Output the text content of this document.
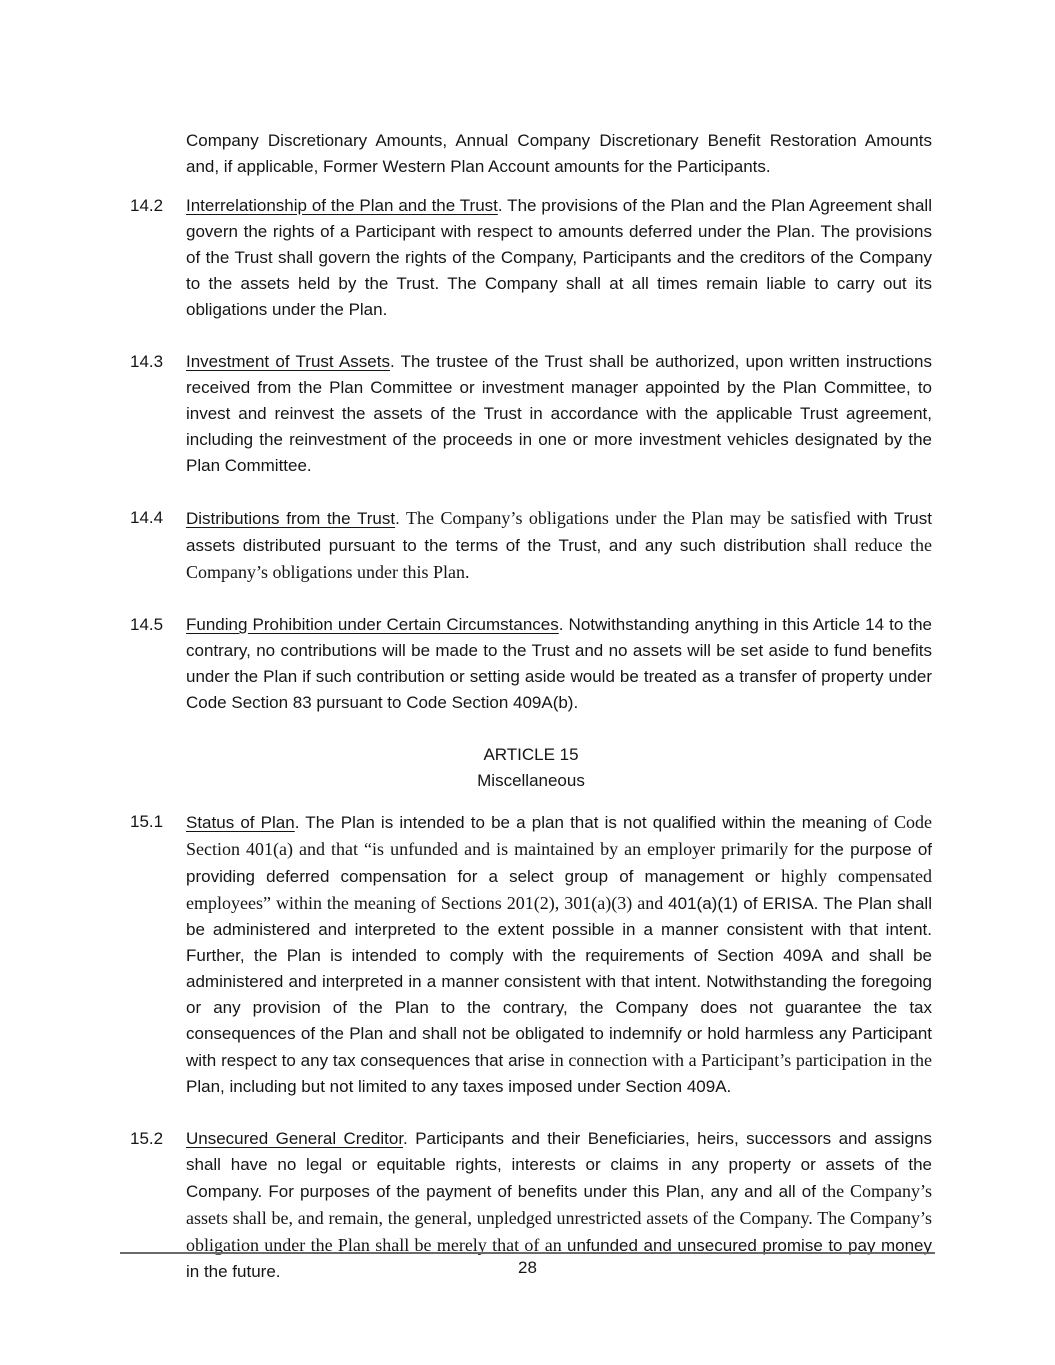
Company Discretionary Amounts, Annual Company Discretionary Benefit Restoration Amounts and, if applicable, Former Western Plan Account amounts for the Participants.

14.2	Interrelationship of the Plan and the Trust. The provisions of the Plan and the Plan Agreement shall govern the rights of a Participant with respect to amounts deferred under the Plan. The provisions of the Trust shall govern the rights of the Company, Participants and the creditors of the Company to the assets held by the Trust. The Company shall at all times remain liable to carry out its obligations under the Plan.

14.3	Investment of Trust Assets. The trustee of the Trust shall be authorized, upon written instructions received from the Plan Committee or investment manager appointed by the Plan Committee, to invest and reinvest the assets of the Trust in accordance with the applicable Trust agreement, including the reinvestment of the proceeds in one or more investment vehicles designated by the Plan Committee.

14.4	Distributions from the Trust. The Company’s obligations under the Plan may be satisfied with Trust assets distributed pursuant to the terms of the Trust, and any such distribution shall reduce the Company’s obligations under this Plan.

14.5	Funding Prohibition under Certain Circumstances. Notwithstanding anything in this Article 14 to the contrary, no contributions will be made to the Trust and no assets will be set aside to fund benefits under the Plan if such contribution or setting aside would be treated as a transfer of property under Code Section 83 pursuant to Code Section 409A(b).

ARTICLE 15
Miscellaneous
15.1	Status of Plan. The Plan is intended to be a plan that is not qualified within the meaning of Code Section 401(a) and that “is unfunded and is maintained by an employer primarily for the purpose of providing deferred compensation for a select group of management or highly compensated employees” within the meaning of Sections 201(2), 301(a)(3) and 401(a)(1) of ERISA. The Plan shall be administered and interpreted to the extent possible in a manner consistent with that intent. Further, the Plan is intended to comply with the requirements of Section 409A and shall be administered and interpreted in a manner consistent with that intent. Notwithstanding the foregoing or any provision of the Plan to the contrary, the Company does not guarantee the tax consequences of the Plan and shall not be obligated to indemnify or hold harmless any Participant with respect to any tax consequences that arise in connection with a Participant’s participation in the Plan, including but not limited to any taxes imposed under Section 409A.

15.2	Unsecured General Creditor. Participants and their Beneficiaries, heirs, successors and assigns shall have no legal or equitable rights, interests or claims in any property or assets of the Company. For purposes of the payment of benefits under this Plan, any and all of the Company’s assets shall be, and remain, the general, unpledged unrestricted assets of the Company. The Company’s obligation under the Plan shall be merely that of an unfunded and unsecured promise to pay money in the future.	28
